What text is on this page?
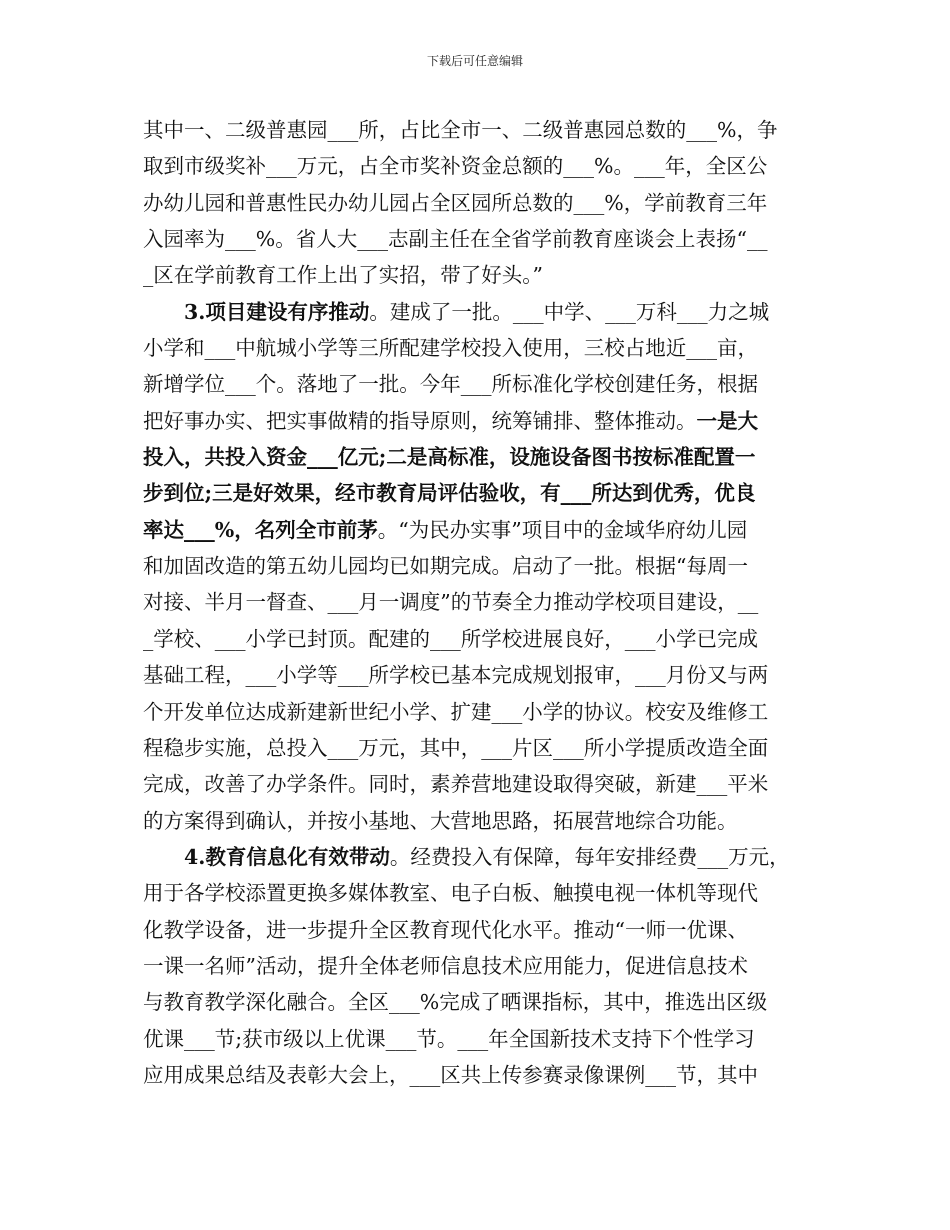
下载后可任意编辑
其中一、二级普惠园___所，占比全市一、二级普惠园总数的___%，争
取到市级奖补___万元，占全市奖补资金总额的___%。___年，全区公
办幼儿园和普惠性民办幼儿园占全区园所总数的___%，学前教育三年
入园率为___%。省人大___志副主任在全省学前教育座谈会上表扬“__
_区在学前教育工作上出了实招，带了好头。”
3.项目建设有序推动。建成了一批。___中学、___万科___力之城
小学和___中航城小学等三所配建学校投入使用，三校占地近___亩，
新增学位___个。落地了一批。今年___所标准化学校创建任务，根据
把好事办实、把实事做精的指导原则，统筹铺排、整体推动。一是大
投入，共投入资金___亿元;二是高标准，设施设备图书按标准配置一
步到位;三是好效果，经市教育局评估验收，有___所达到优秀，优良
率达___%，名列全市前茅。“为民办实事”项目中的金域华府幼儿园
和加固改造的第五幼儿园均已如期完成。启动了一批。根据“每周一
对接、半月一督查、___月一调度”的节奏全力推动学校项目建设，__
_学校、___小学已封顶。配建的___所学校进展良好，___小学已完成
基础工程，___小学等___所学校已基本完成规划报审，___月份又与两
个开发单位达成新建新世纪小学、扩建___小学的协议。校安及维修工
程稳步实施，总投入___万元，其中，___片区___所小学提质改造全面
完成，改善了办学条件。同时，素养营地建设取得突破，新建___平米
的方案得到确认，并按小基地、大营地思路，拓展营地综合功能。
4.教育信息化有效带动。经费投入有保障，每年安排经费___万元，
用于各学校添置更换多媒体教室、电子白板、触摸电视一体机等现代
化教学设备，进一步提升全区教育现代化水平。推动“一师一优课、
一课一名师”活动，提升全体老师信息技术应用能力，促进信息技术
与教育教学深化融合。全区___%完成了晒课指标，其中，推选出区级
优课___节;获市级以上优课___节。___年全国新技术支持下个性学习
应用成果总结及表彰大会上，___区共上传参赛录像课例___节，其中
